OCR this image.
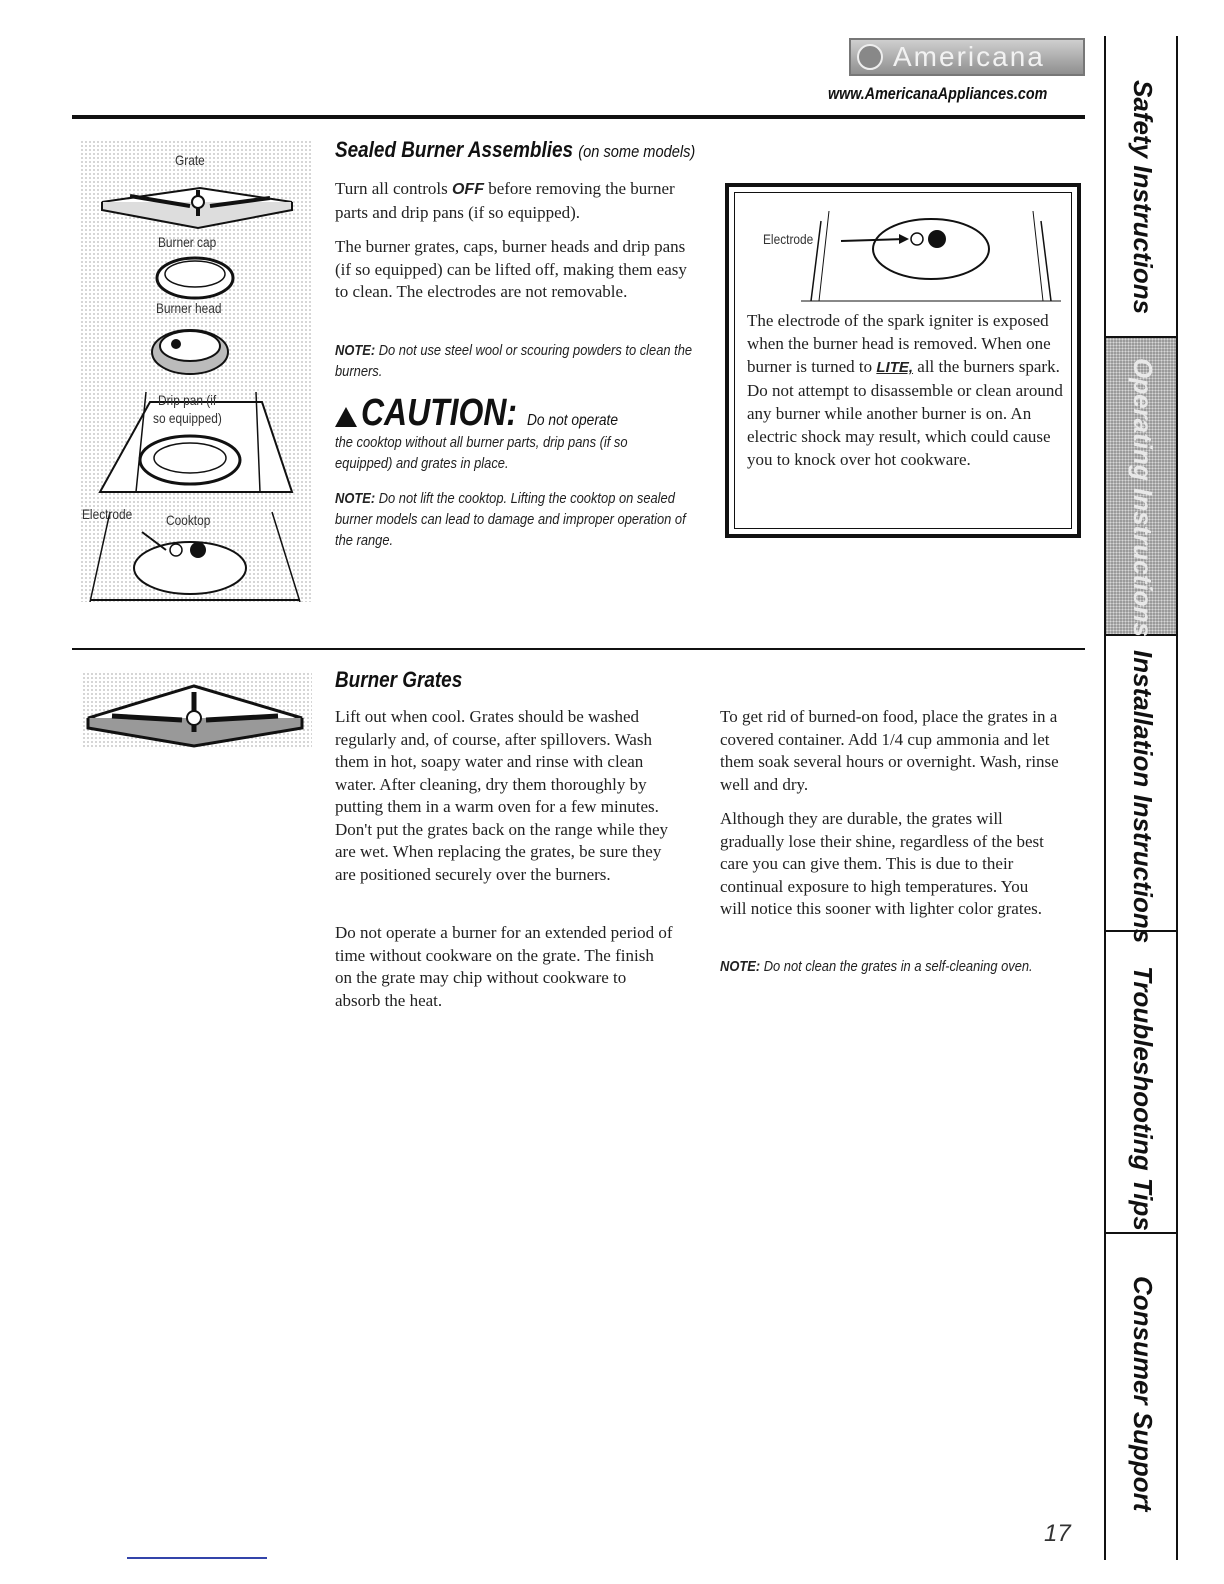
Americana
www.AmericanaAppliances.com
Grate
Burner cap
Burner head
Drip pan (if
so equipped)
Electrode Cooktop
Sealed Burner Assemblies (on some models)
Turn all controls OFF before removing the burner parts and drip pans (if so equipped).
The burner grates, caps, burner heads and drip pans (if so equipped) can be lifted off, making them easy to clean. The electrodes are not removable.
NOTE: Do not use steel wool or scouring powders to clean the burners.
CAUTION: Do not operate
the cooktop without all burner parts, drip pans (if so equipped) and grates in place.
NOTE: Do not lift the cooktop. Lifting the cooktop on sealed burner models can lead to damage and improper operation of the range.
Electrode
The electrode of the spark igniter is exposed when the burner head is removed. When one burner is turned to LITE, all the burners spark. Do not attempt to disassemble or clean around any burner while another burner is on. An electric shock may result, which could cause you to knock over hot cookware.
Burner Grates
Lift out when cool. Grates should be washed regularly and, of course, after spillovers. Wash them in hot, soapy water and rinse with clean water. After cleaning, dry them thoroughly by putting them in a warm oven for a few minutes. Don't put the grates back on the range while they are wet. When replacing the grates, be sure they are positioned securely over the burners.
Do not operate a burner for an extended period of time without cookware on the grate. The finish on the grate may chip without cookware to absorb the heat.
To get rid of burned-on food, place the grates in a covered container. Add 1/4 cup ammonia and let them soak several hours or overnight. Wash, rinse well and dry.
Although they are durable, the grates will gradually lose their shine, regardless of the best care you can give them. This is due to their continual exposure to high temperatures. You will notice this sooner with lighter color grates.
NOTE: Do not clean the grates in a self-cleaning oven.
Safety Instructions
Operating Instructions
Installation Instructions
Troubleshooting Tips
Consumer Support
17
